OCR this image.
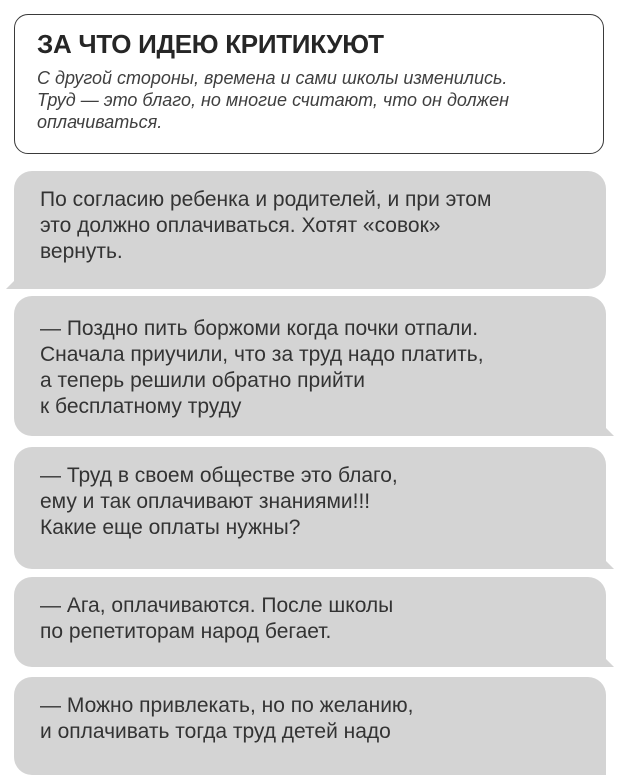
ЗА ЧТО ИДЕЮ КРИТИКУЮТ
С другой стороны, времена и сами школы изменились.
Труд — это благо, но многие считают, что он должен
оплачиваться.
По согласию ребенка и родителей, и при этом
это должно оплачиваться. Хотят «совок»
вернуть.
— Поздно пить боржоми когда почки отпали.
Сначала приучили, что за труд надо платить,
а теперь решили обратно прийти
к бесплатному труду
— Труд в своем обществе это благо,
ему и так оплачивают знаниями!!!
Какие еще оплаты нужны?
— Ага, оплачиваются. После школы
по репетиторам народ бегает.
— Можно привлекать, но по желанию,
и оплачивать тогда труд детей надо
